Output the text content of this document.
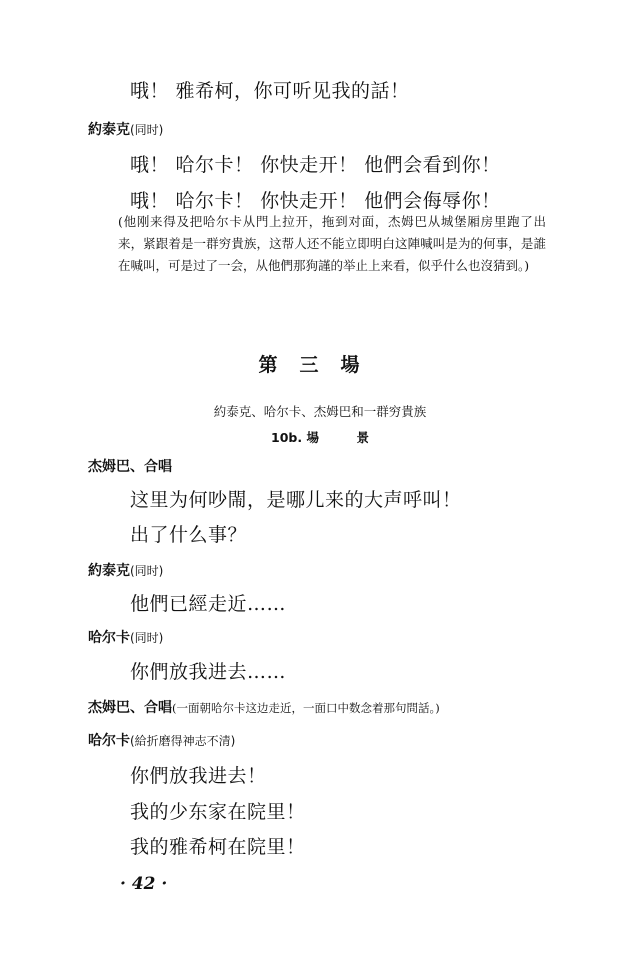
哦！ 雅希柯，你可听见我的話！
約泰克(同时)
哦！ 哈尔卡！ 你快走开！ 他們会看到你！
哦！ 哈尔卡！ 你快走开！ 他們会侮辱你！
(他刚来得及把哈尔卡从門上拉开，拖到对面，杰姆巴从城堡厢房里跑了出来，紧跟着是一群穷貴族，这帮人还不能立即明白这陣喊叫是为的何事，是誰在喊叫，可是过了一会，从他們那狗謹的举止上来看，似乎什么也沒猜到。)
第三場
約泰克、哈尔卡、杰姆巴和一群穷貴族
10b. 場　　　景
杰姆巴、合唱
这里为何吵閙，是哪儿来的大声呼叫！
出了什么事？
約泰克(同时)
他們已經走近……
哈尔卡(同时)
你們放我进去……
杰姆巴、合唱(一面朝哈尔卡这边走近，一面口中数念着那句問話。)
哈尔卡(給折磨得神志不清)
你們放我进去！
我的少东家在院里！
我的雅希柯在院里！
· 42 ·
